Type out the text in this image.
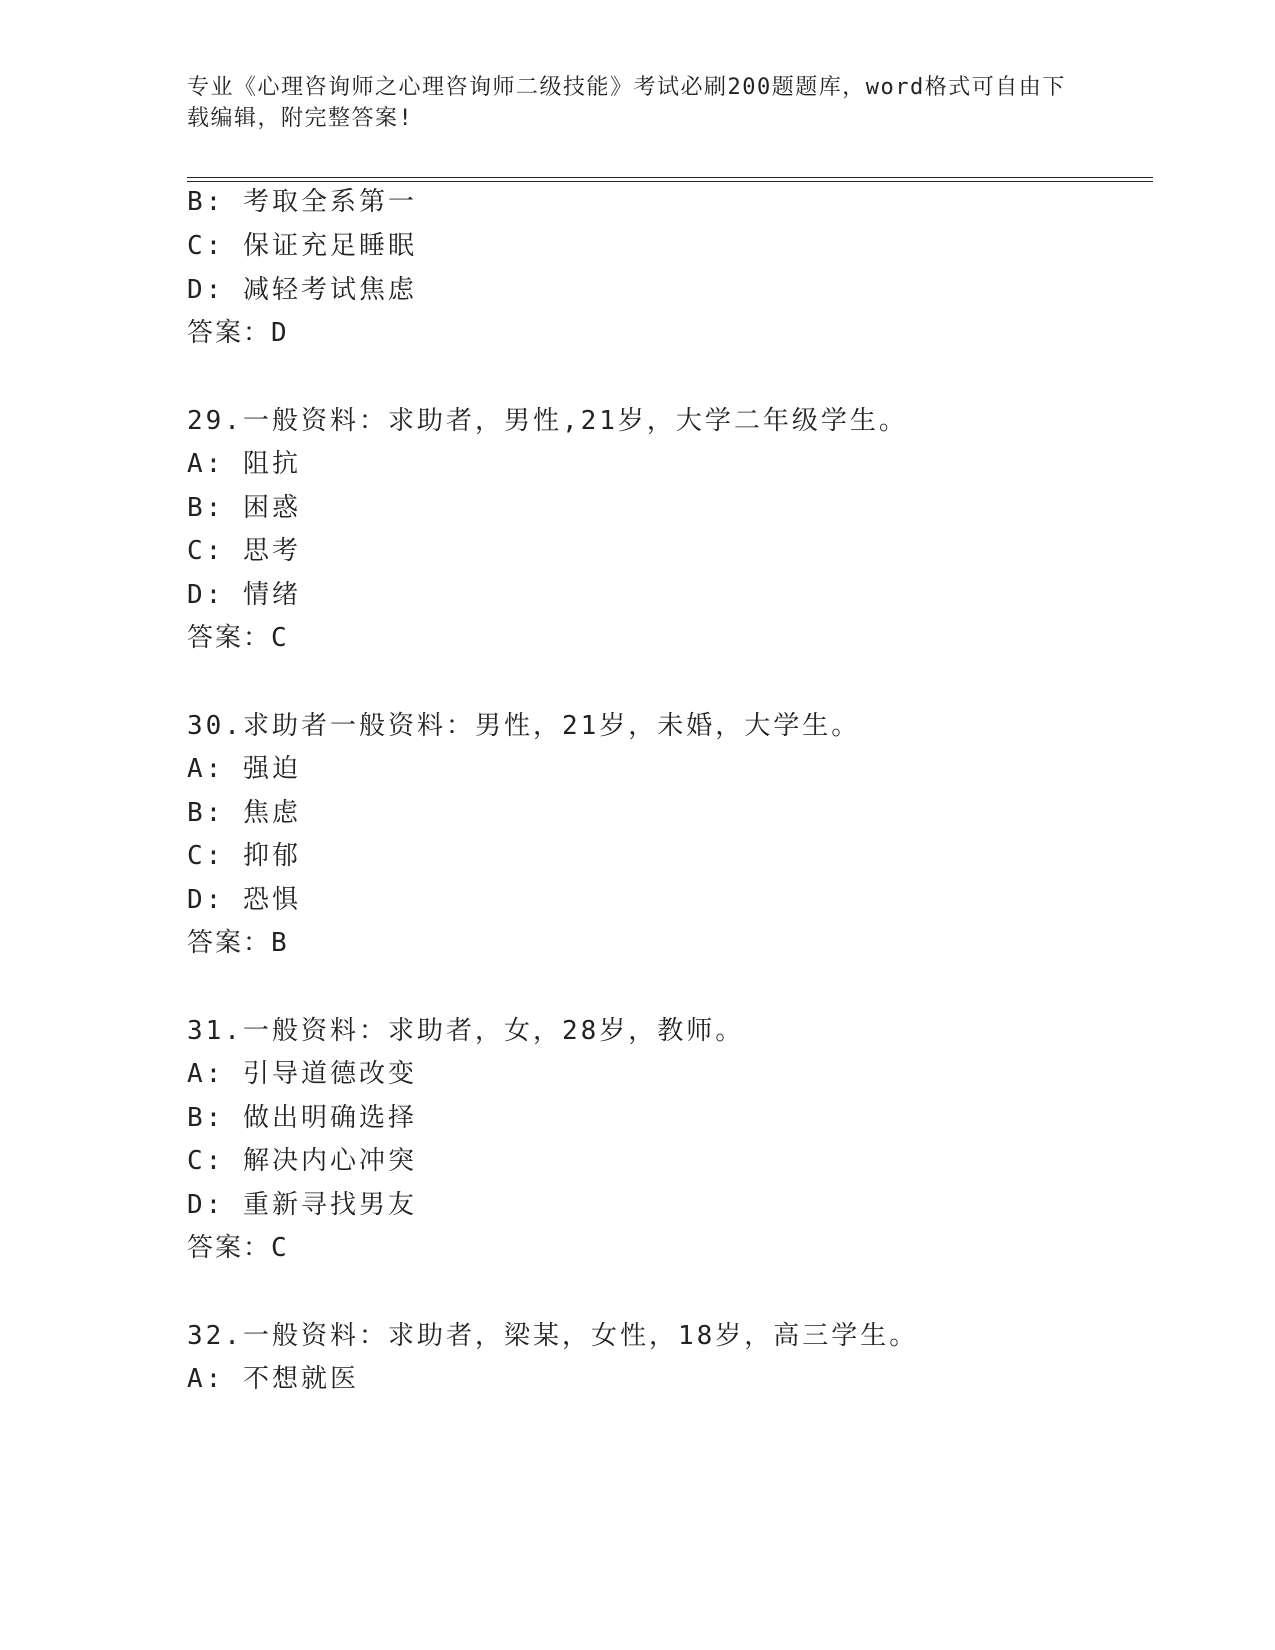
专业《心理咨询师之心理咨询师二级技能》考试必刷200题题库，word格式可自由下载编辑，附完整答案!
B: 考取全系第一
C: 保证充足睡眠
D: 减轻考试焦虑
答案：D
29.一般资料：求助者，男性,21岁，大学二年级学生。
A: 阻抗
B: 困惑
C: 思考
D: 情绪
答案：C
30.求助者一般资料：男性，21岁，未婚，大学生。
A: 强迫
B: 焦虑
C: 抑郁
D: 恐惧
答案：B
31.一般资料：求助者，女，28岁，教师。
A: 引导道德改变
B: 做出明确选择
C: 解决内心冲突
D: 重新寻找男友
答案：C
32.一般资料：求助者，梁某，女性，18岁，高三学生。
A: 不想就医
